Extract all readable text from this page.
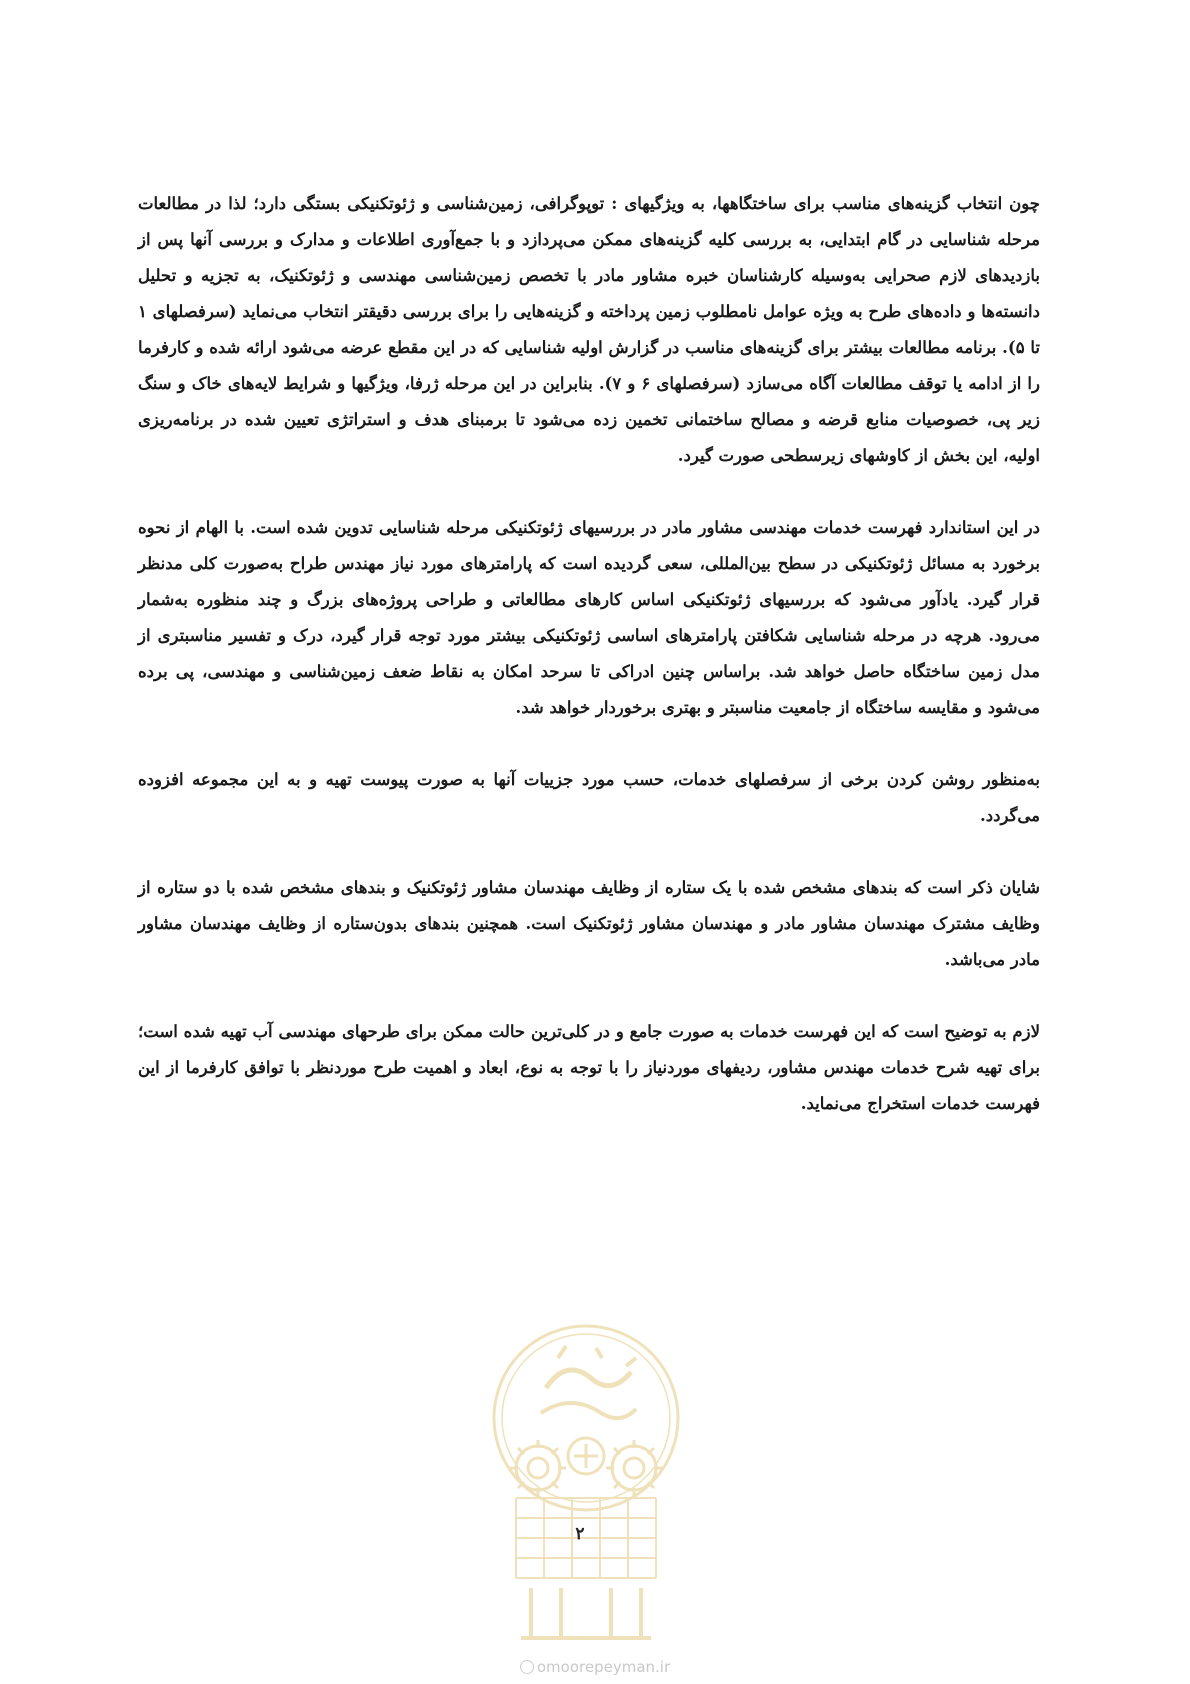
چون انتخاب گزینه‌های مناسب برای ساختگاهها، به ویژگیهای : توپوگرافی، زمین‌شناسی و ژئوتکنیکی بستگی دارد؛ لذا در مطالعات مرحله شناسایی در گام ابتدایی، به بررسی کلیه گزینه‌های ممکن می‌پردازد و با جمع‌آوری اطلاعات و مدارک و بررسی آنها پس از بازدیدهای لازم صحرایی به‌وسیله کارشناسان خبره مشاور مادر با تخصص زمین‌شناسی مهندسی و ژئوتکنیک، به تجزیه و تحلیل دانسته‌ها و داده‌های طرح به ویژه عوامل نامطلوب زمین پرداخته و گزینه‌هایی را برای بررسی دقیقتر انتخاب می‌نماید (سرفصلهای ۱ تا ۵). برنامه مطالعات بیشتر برای گزینه‌های مناسب در گزارش اولیه شناسایی که در این مقطع عرضه می‌شود ارائه شده و کارفرما را از ادامه یا توقف مطالعات آگاه می‌سازد (سرفصلهای ۶ و ۷). بنابراین در این مرحله ژرفا، ویژگیها و شرایط لایه‌های خاک و سنگ زیر پی، خصوصیات منابع قرضه و مصالح ساختمانی تخمین زده می‌شود تا برمبنای هدف و استراتژی تعیین شده در برنامه‌ریزی اولیه، این بخش از کاوشهای زیرسطحی صورت گیرد.

در این استاندارد فهرست خدمات مهندسی مشاور مادر در بررسیهای ژئوتکنیکی مرحله شناسایی تدوین شده است. با الهام از نحوه برخورد به مسائل ژئوتکنیکی در سطح بین‌المللی، سعی گردیده است که پارامترهای مورد نیاز مهندس طراح به‌صورت کلی مدنظر قرار گیرد. یادآور می‌شود که بررسیهای ژئوتکنیکی اساس کارهای مطالعاتی و طراحی پروژه‌های بزرگ و چند منظوره به‌شمار می‌رود. هرچه در مرحله شناسایی شکافتن پارامترهای اساسی ژئوتکنیکی بیشتر مورد توجه قرار گیرد، درک و تفسیر مناسبتری از مدل زمین ساختگاه حاصل خواهد شد. براساس چنین ادراکی تا سرحد امکان به نقاط ضعف زمین‌شناسی و مهندسی، پی برده می‌شود و مقایسه ساختگاه از جامعیت مناسبتر و بهتری برخوردار خواهد شد.

به‌منظور روشن کردن برخی از سرفصلهای خدمات، حسب مورد جزییات آنها به صورت پیوست تهیه و به این مجموعه افزوده می‌گردد.

شایان ذکر است که بندهای مشخص شده با یک ستاره از وظایف مهندسان مشاور ژئوتکنیک و بندهای مشخص شده با دو ستاره از وظایف مشترک مهندسان مشاور مادر و مهندسان مشاور ژئوتکنیک است. همچنین بندهای بدون‌ستاره از وظایف مهندسان مشاور مادر می‌باشد.

لازم به توضیح است که این فهرست خدمات به صورت جامع و در کلی‌ترین حالت ممکن برای طرحهای مهندسی آب تهیه شده است؛ برای تهیه شرح خدمات مهندس مشاور، ردیفهای موردنیاز را با توجه به نوع، ابعاد و اهمیت طرح موردنظر با توافق کارفرما از این فهرست خدمات استخراج می‌نماید.

۲
omoorepeyman.ir
